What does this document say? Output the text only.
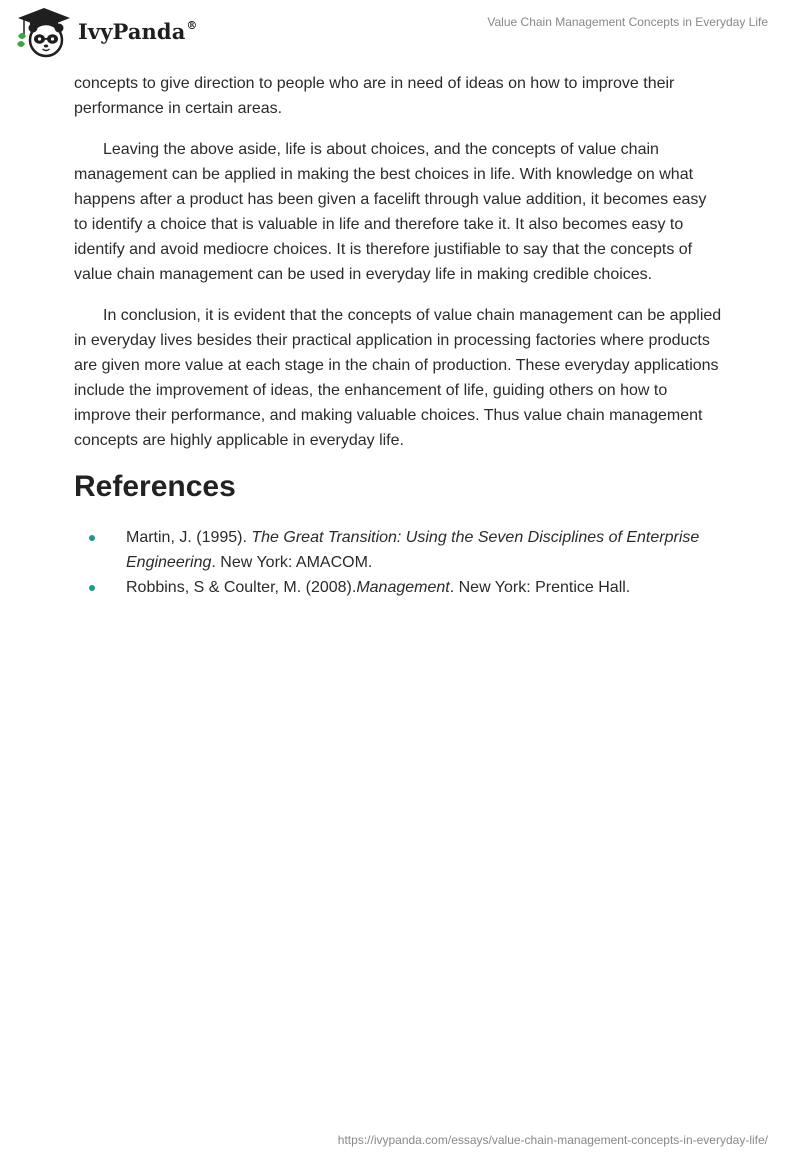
IvyPanda®	Value Chain Management Concepts in Everyday Life

concepts to give direction to people who are in need of ideas on how to improve their performance in certain areas.

Leaving the above aside, life is about choices, and the concepts of value chain management can be applied in making the best choices in life. With knowledge on what happens after a product has been given a facelift through value addition, it becomes easy to identify a choice that is valuable in life and therefore take it. It also becomes easy to identify and avoid mediocre choices. It is therefore justifiable to say that the concepts of value chain management can be used in everyday life in making credible choices.

In conclusion, it is evident that the concepts of value chain management can be applied in everyday lives besides their practical application in processing factories where products are given more value at each stage in the chain of production. These everyday applications include the improvement of ideas, the enhancement of life, guiding others on how to improve their performance, and making valuable choices. Thus value chain management concepts are highly applicable in everyday life.

References
Martin, J. (1995). The Great Transition: Using the Seven Disciplines of Enterprise Engineering. New York: AMACOM.
Robbins, S & Coulter, M. (2008).Management. New York: Prentice Hall.
https://ivypanda.com/essays/value-chain-management-concepts-in-everyday-life/
